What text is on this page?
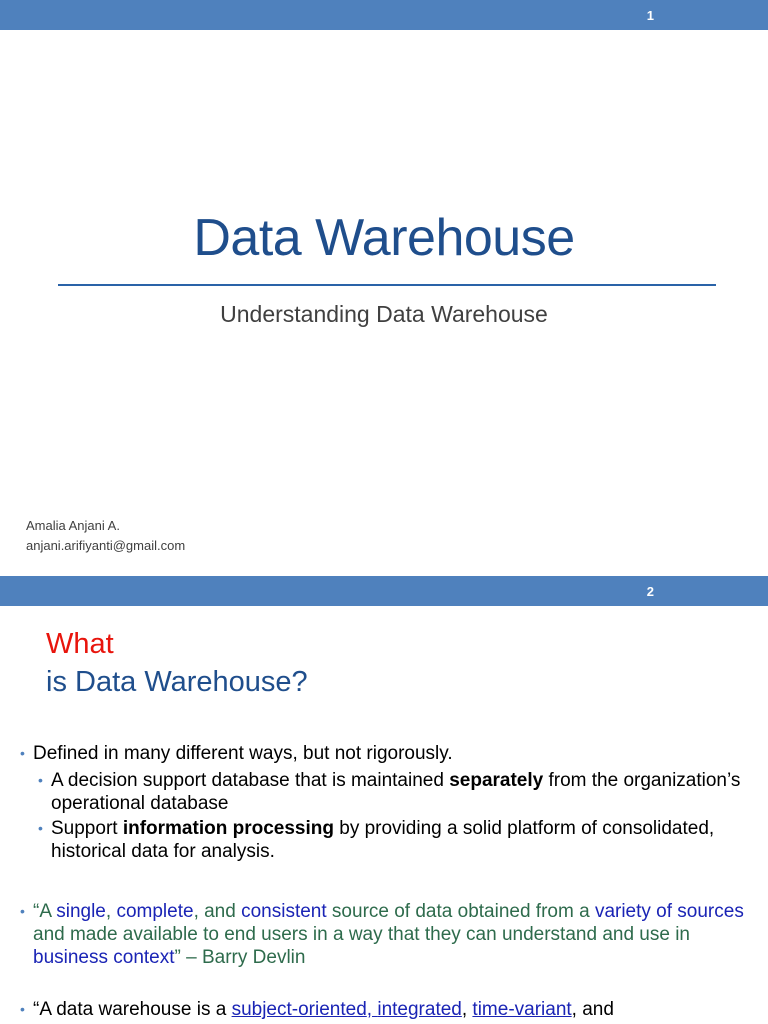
1
Data Warehouse
Understanding Data Warehouse
Amalia Anjani A.
anjani.arifiyanti@gmail.com
2
What
is Data Warehouse?
• Defined in many different ways, but not rigorously.
• A decision support database that is maintained separately from the organization’s operational database
• Support information processing by providing a solid platform of consolidated, historical data for analysis.
• “A single, complete, and consistent source of data obtained from a variety of sources and made available to end users in a way that they can understand and use in business context” – Barry Devlin
• “A data warehouse is a subject-oriented, integrated, time-variant, and
